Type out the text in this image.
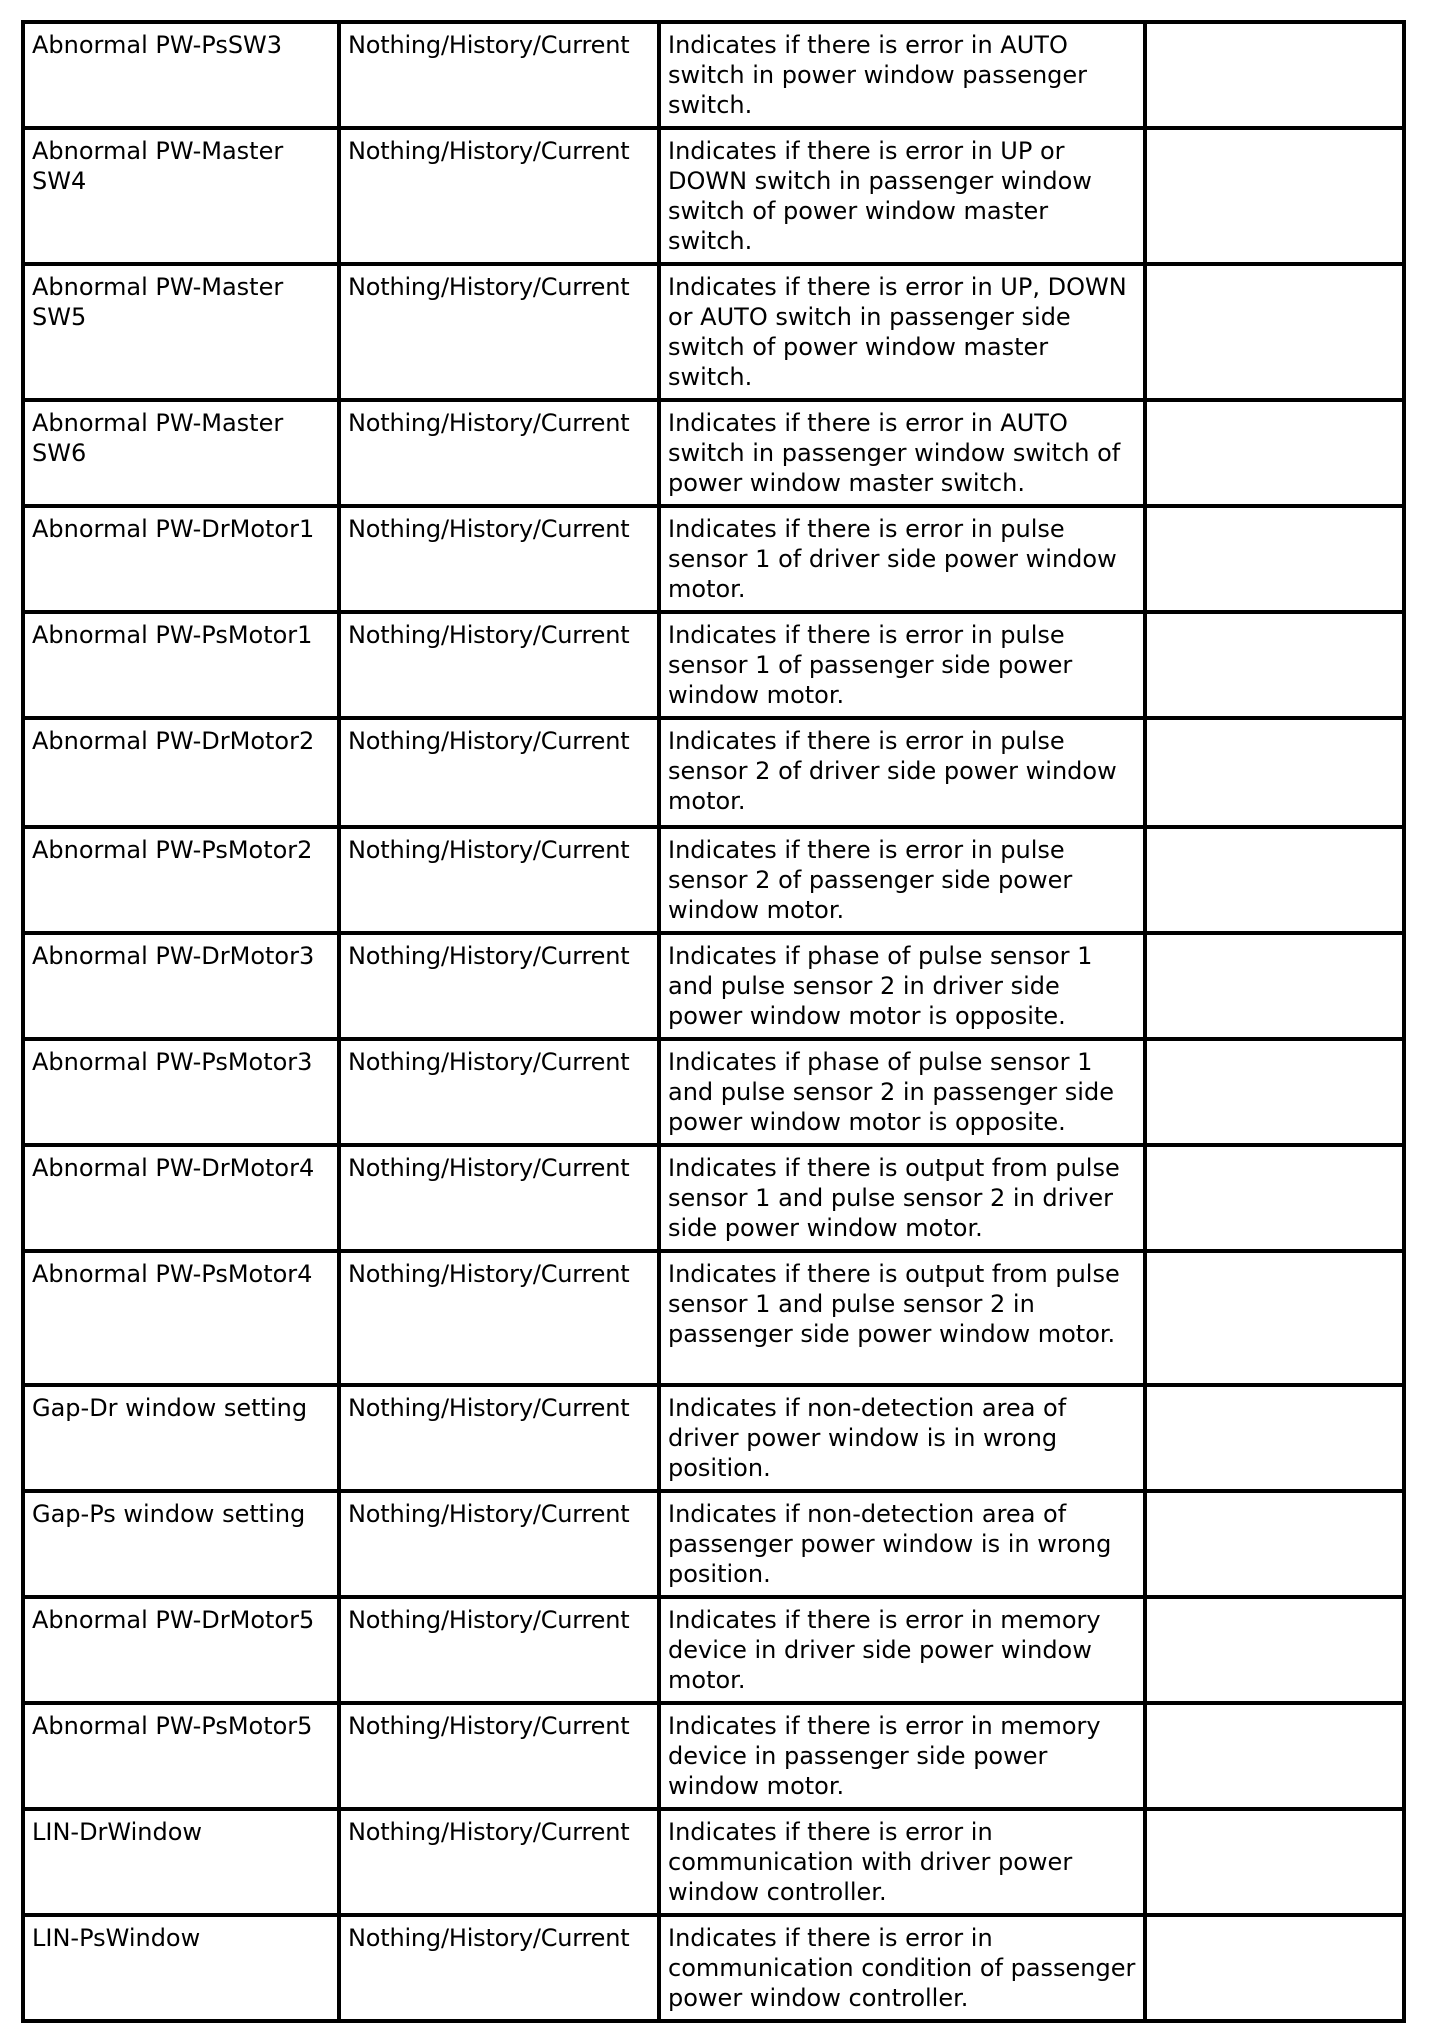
Abnormal PW-PsSW3	Nothing/History/Current	Indicates if there is error in AUTO switch in power window passenger switch.	
Abnormal PW-Master SW4	Nothing/History/Current	Indicates if there is error in UP or DOWN switch in passenger window switch of power window master switch.	
Abnormal PW-Master SW5	Nothing/History/Current	Indicates if there is error in UP, DOWN or AUTO switch in passenger side switch of power window master switch.	
Abnormal PW-Master SW6	Nothing/History/Current	Indicates if there is error in AUTO switch in passenger window switch of power window master switch.	
Abnormal PW-DrMotor1	Nothing/History/Current	Indicates if there is error in pulse sensor 1 of driver side power window motor.	
Abnormal PW-PsMotor1	Nothing/History/Current	Indicates if there is error in pulse sensor 1 of passenger side power window motor.	
Abnormal PW-DrMotor2	Nothing/History/Current	Indicates if there is error in pulse sensor 2 of driver side power window motor.	
Abnormal PW-PsMotor2	Nothing/History/Current	Indicates if there is error in pulse sensor 2 of passenger side power window motor.	
Abnormal PW-DrMotor3	Nothing/History/Current	Indicates if phase of pulse sensor 1 and pulse sensor 2 in driver side power window motor is opposite.	
Abnormal PW-PsMotor3	Nothing/History/Current	Indicates if phase of pulse sensor 1 and pulse sensor 2 in passenger side power window motor is opposite.	
Abnormal PW-DrMotor4	Nothing/History/Current	Indicates if there is output from pulse sensor 1 and pulse sensor 2 in driver side power window motor.	
Abnormal PW-PsMotor4	Nothing/History/Current	Indicates if there is output from pulse sensor 1 and pulse sensor 2 in passenger side power window motor.	
Gap-Dr window setting	Nothing/History/Current	Indicates if non-detection area of driver power window is in wrong position.	
Gap-Ps window setting	Nothing/History/Current	Indicates if non-detection area of passenger power window is in wrong position.	
Abnormal PW-DrMotor5	Nothing/History/Current	Indicates if there is error in memory device in driver side power window motor.	
Abnormal PW-PsMotor5	Nothing/History/Current	Indicates if there is error in memory device in passenger side power window motor.	
LIN-DrWindow	Nothing/History/Current	Indicates if there is error in communication with driver power window controller.	
LIN-PsWindow	Nothing/History/Current	Indicates if there is error in communication condition of passenger power window controller.	
